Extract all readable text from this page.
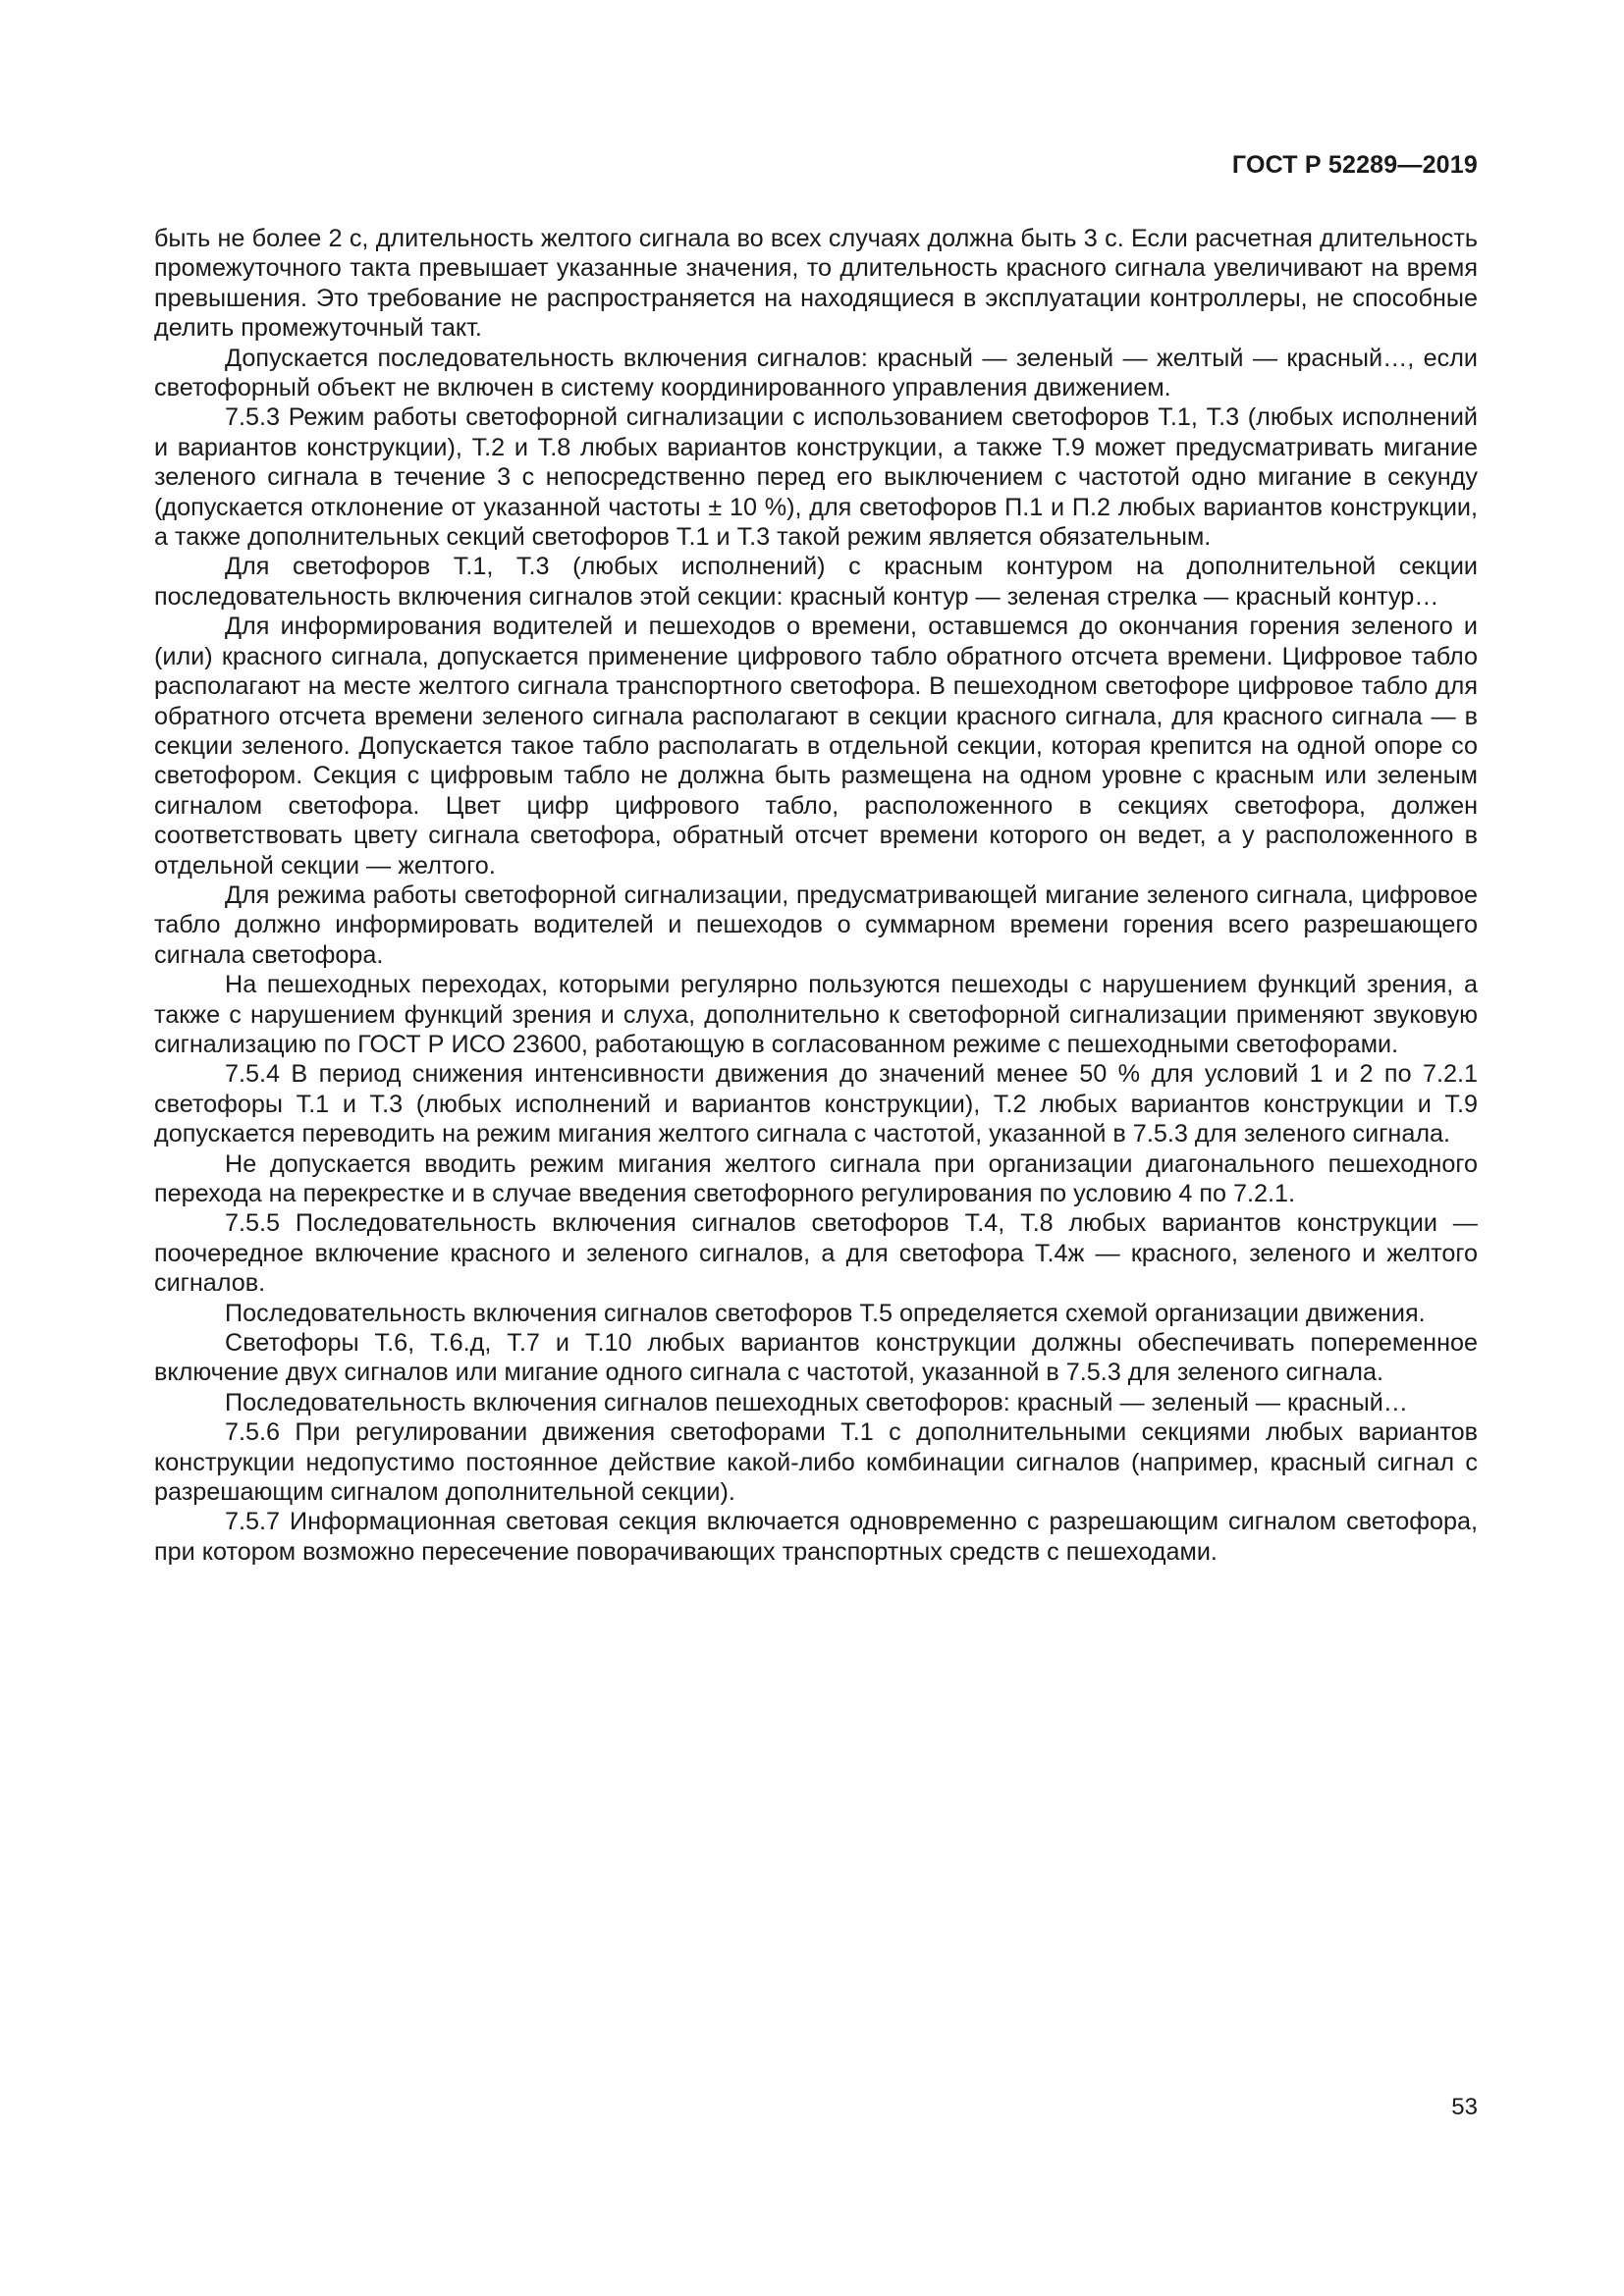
ГОСТ Р 52289—2019

быть не более 2 с, длительность желтого сигнала во всех случаях должна быть 3 с. Если расчетная длительность промежуточного такта превышает указанные значения, то длительность красного сигнала увеличивают на время превышения. Это требование не распространяется на находящиеся в эксплуатации контроллеры, не способные делить промежуточный такт.

Допускается последовательность включения сигналов: красный — зеленый — желтый — красный…, если светофорный объект не включен в систему координированного управления движением.

7.5.3 Режим работы светофорной сигнализации с использованием светофоров Т.1, Т.3 (любых исполнений и вариантов конструкции), Т.2 и Т.8 любых вариантов конструкции, а также Т.9 может предусматривать мигание зеленого сигнала в течение 3 с непосредственно перед его выключением с частотой одно мигание в секунду (допускается отклонение от указанной частоты ± 10 %), для светофоров П.1 и П.2 любых вариантов конструкции, а также дополнительных секций светофоров Т.1 и Т.3 такой режим является обязательным.

Для светофоров Т.1, Т.3 (любых исполнений) с красным контуром на дополнительной секции последовательность включения сигналов этой секции: красный контур — зеленая стрелка — красный контур…

Для информирования водителей и пешеходов о времени, оставшемся до окончания горения зеленого и (или) красного сигнала, допускается применение цифрового табло обратного отсчета времени. Цифровое табло располагают на месте желтого сигнала транспортного светофора. В пешеходном светофоре цифровое табло для обратного отсчета времени зеленого сигнала располагают в секции красного сигнала, для красного сигнала — в секции зеленого. Допускается такое табло располагать в отдельной секции, которая крепится на одной опоре со светофором. Секция с цифровым табло не должна быть размещена на одном уровне с красным или зеленым сигналом светофора. Цвет цифр цифрового табло, расположенного в секциях светофора, должен соответствовать цвету сигнала светофора, обратный отсчет времени которого он ведет, а у расположенного в отдельной секции — желтого.

Для режима работы светофорной сигнализации, предусматривающей мигание зеленого сигнала, цифровое табло должно информировать водителей и пешеходов о суммарном времени горения всего разрешающего сигнала светофора.

На пешеходных переходах, которыми регулярно пользуются пешеходы с нарушением функций зрения, а также с нарушением функций зрения и слуха, дополнительно к светофорной сигнализации применяют звуковую сигнализацию по ГОСТ Р ИСО 23600, работающую в согласованном режиме с пешеходными светофорами.

7.5.4 В период снижения интенсивности движения до значений менее 50 % для условий 1 и 2 по 7.2.1 светофоры Т.1 и Т.3 (любых исполнений и вариантов конструкции), Т.2 любых вариантов конструкции и Т.9 допускается переводить на режим мигания желтого сигнала с частотой, указанной в 7.5.3 для зеленого сигнала.

Не допускается вводить режим мигания желтого сигнала при организации диагонального пешеходного перехода на перекрестке и в случае введения светофорного регулирования по условию 4 по 7.2.1.

7.5.5 Последовательность включения сигналов светофоров Т.4, Т.8 любых вариантов конструкции — поочередное включение красного и зеленого сигналов, а для светофора Т.4ж — красного, зеленого и желтого сигналов.

Последовательность включения сигналов светофоров Т.5 определяется схемой организации движения.

Светофоры Т.6, Т.6.д, Т.7 и Т.10 любых вариантов конструкции должны обеспечивать попеременное включение двух сигналов или мигание одного сигнала с частотой, указанной в 7.5.3 для зеленого сигнала.

Последовательность включения сигналов пешеходных светофоров: красный — зеленый — красный…

7.5.6 При регулировании движения светофорами Т.1 с дополнительными секциями любых вариантов конструкции недопустимо постоянное действие какой-либо комбинации сигналов (например, красный сигнал с разрешающим сигналом дополнительной секции).

7.5.7 Информационная световая секция включается одновременно с разрешающим сигналом светофора, при котором возможно пересечение поворачивающих транспортных средств с пешеходами.

53
